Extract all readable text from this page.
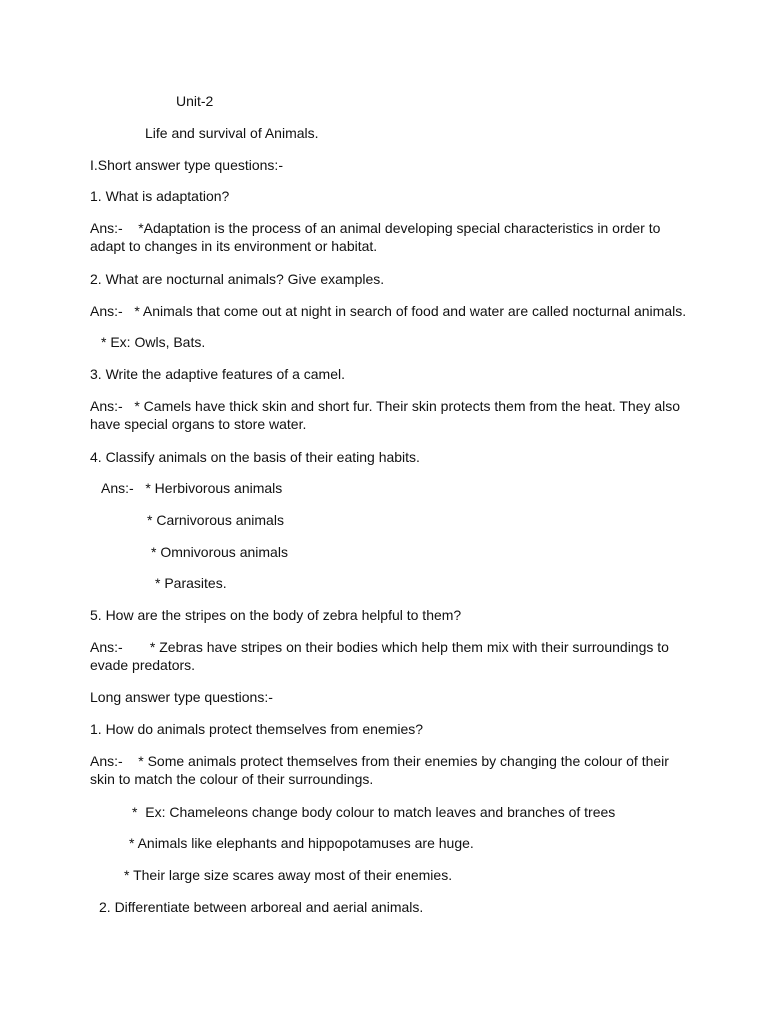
Unit-2
Life and survival of Animals.
I.Short answer type questions:-
1. What is adaptation?
Ans:-    *Adaptation is the process of an animal developing special characteristics in order to adapt to changes in its environment or habitat.
2. What are nocturnal animals? Give examples.
Ans:-   * Animals that come out at night in search of food and water are called nocturnal animals.
* Ex: Owls, Bats.
3. Write the adaptive features of a camel.
Ans:-   * Camels have thick skin and short fur. Their skin protects them from the heat. They also have special organs to store water.
4. Classify animals on the basis of their eating habits.
Ans:-   * Herbivorous animals
* Carnivorous animals
* Omnivorous animals
* Parasites.
5. How are the stripes on the body of zebra helpful to them?
Ans:-       * Zebras have stripes on their bodies which help them mix with their surroundings to evade predators.
Long answer type questions:-
1. How do animals protect themselves from enemies?
Ans:-    * Some animals protect themselves from their enemies by changing the colour of their skin to match the colour of their surroundings.
*  Ex: Chameleons change body colour to match leaves and branches of trees
* Animals like elephants and hippopotamuses are huge.
* Their large size scares away most of their enemies.
2. Differentiate between arboreal and aerial animals.
